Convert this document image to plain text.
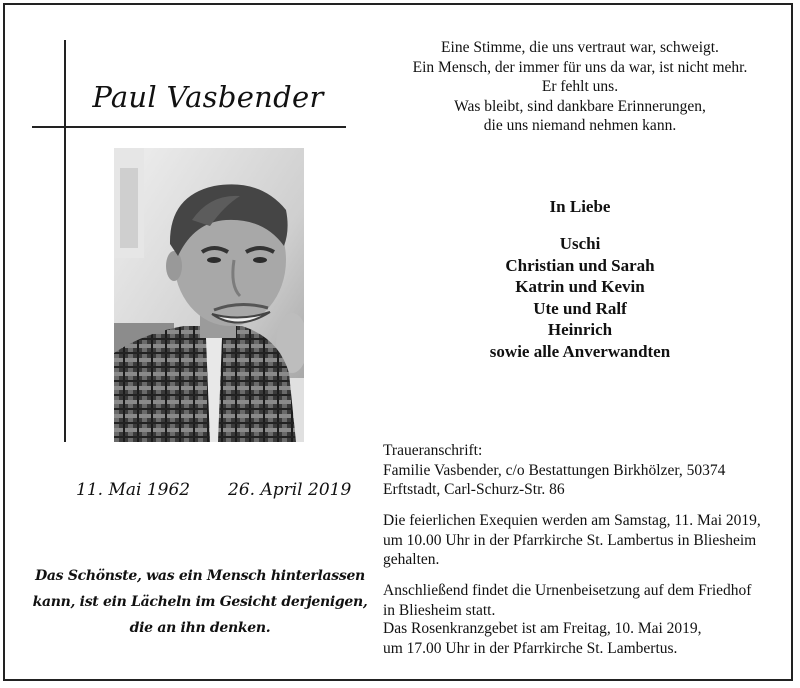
Paul Vasbender
11. Mai 1962 26. April 2019
Das Schönste, was ein Mensch hinterlassen
kann, ist ein Lächeln im Gesicht derjenigen,
die an ihn denken.
Eine Stimme, die uns vertraut war, schweigt.
Ein Mensch, der immer für uns da war, ist nicht mehr.
Er fehlt uns.
Was bleibt, sind dankbare Erinnerungen,
die uns niemand nehmen kann.
In Liebe
Uschi
Christian und Sarah
Katrin und Kevin
Ute und Ralf
Heinrich
sowie alle Anverwandten
Traueranschrift:
Familie Vasbender, c/o Bestattungen Birkhölzer, 50374
Erftstadt, Carl-Schurz-Str. 86
Die feierlichen Exequien werden am Samstag, 11. Mai 2019,
um 10.00 Uhr in der Pfarrkirche St. Lambertus in Bliesheim
gehalten.
Anschließend findet die Urnenbeisetzung auf dem Friedhof
in Bliesheim statt.
Das Rosenkranzgebet ist am Freitag, 10. Mai 2019,
um 17.00 Uhr in der Pfarrkirche St. Lambertus.
